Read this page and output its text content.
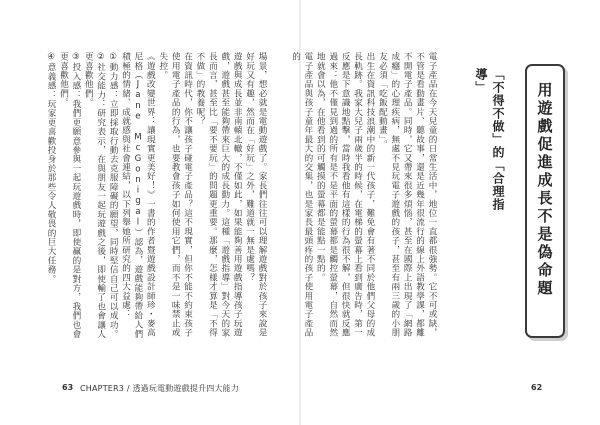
場景，想必就是電動遊戲了。家長們往往可以理解遊戲對於孩子來說是好玩又有趣，然而在「好玩」之外，難道就一無是處嗎？
遊戲與成長並非南轅北轍，不僅如此，如果能夠善用遊戲指導孩子玩遊戲，遊戲甚至能夠帶來巨大的成長動力。這種「遊戲指導」對今天的家長而言，甚至比「要不要玩」的問題更重要。那麼，怎樣才算是「不得不做」的教養呢？
在資訊時代，你不讓孩子碰電子產品？這不現實，但你不能不約束孩子使用電子產品的行為，也要教會孩子如何使用它們，而不是一味禁止或失控。
《遊戲改變世界：讓現實更美好！》一書的作者暨遊戲設計師珍・麥高尼格（Jane McGonigal）認為，遊戲能夠帶給人們積極的情緒、成就感與社會連結，以下列舉她所研究的四大益處：
①動力感：立即採取行動去克服障礙的願望，同時堅信自己可以成功。
②社交能力：研究表示，在與朋友一起玩遊戲之後，即使輸了也會讓人更喜歡他們。
③投入感：我們更願意參與一起玩遊戲時，即使贏的是對方，我們也會更喜歡他們。
④意義感：玩家更喜歡投身於那些令人敬畏的巨大任務。
63 CHAPTER3 / 透過玩電動遊戲提升四大能力
用遊戲促進成長不是偽命題
「不得不做」的「合理指導」
電子產品在今天兒童的日常生活中，地位一直都很強勢。它不可或缺，不管是看動畫片、聽故事，還是近幾年很流行的線上外語教學課，都離不開電子產品。同時，它又帶來很多煩惱，甚至在國際上出現了「網路成癮」的心理疾病，無處不見玩電子遊戲的孩子，甚至有兩三歲的小朋友必須「吃飯配動畫」。
出生在資訊科技浪潮中的新一代孩子，難免會有著不同於他們父母的成長軌跡。我家大兒子兩歲半的時候，在電梯的螢幕上看到廣告時，第一反應是下意識地點擊，當時我看他有這樣的行為很不解，但很快就反應過來：他不僅見到過的所有是不是平面的螢幕都是觸控螢幕，自然而然地就會以為，在他看到的可觸摸的螢幕都是能點一點的。
電子產品與孩子童年最大的交集，也是家長最頭疼的孩子使用電子產品的
62
